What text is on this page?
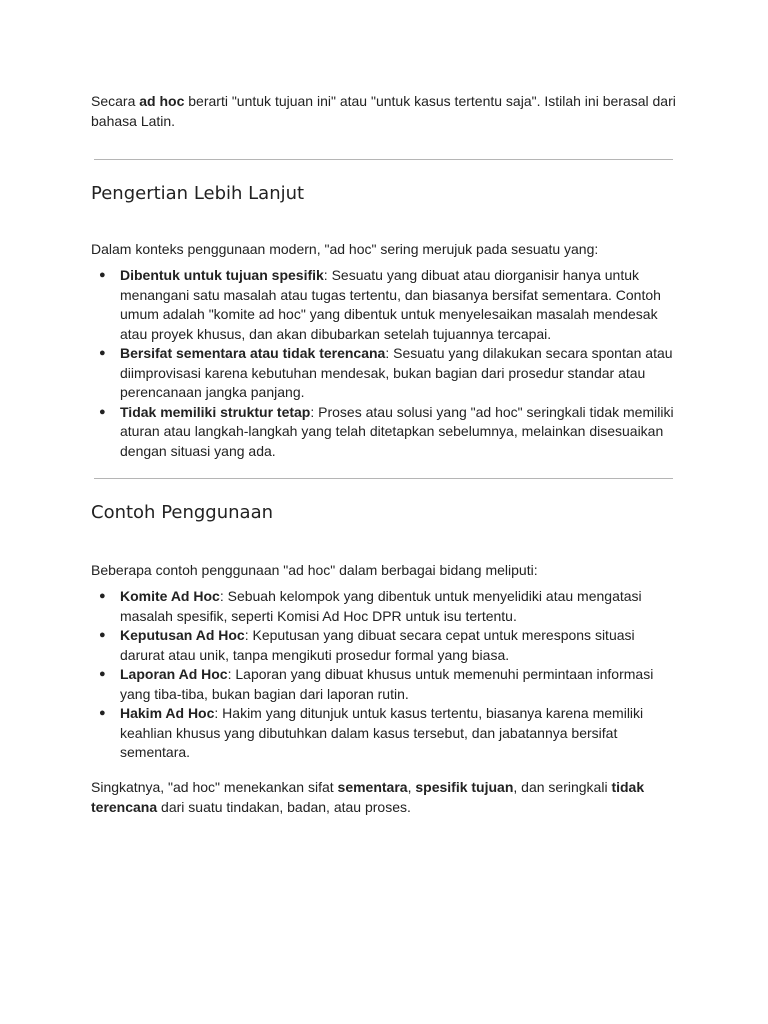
Secara ad hoc berarti "untuk tujuan ini" atau "untuk kasus tertentu saja". Istilah ini berasal dari bahasa Latin.

Pengertian Lebih Lanjut

Dalam konteks penggunaan modern, "ad hoc" sering merujuk pada sesuatu yang:

● Dibentuk untuk tujuan spesifik: Sesuatu yang dibuat atau diorganisir hanya untuk menangani satu masalah atau tugas tertentu, dan biasanya bersifat sementara. Contoh umum adalah "komite ad hoc" yang dibentuk untuk menyelesaikan masalah mendesak atau proyek khusus, dan akan dibubarkan setelah tujuannya tercapai.
● Bersifat sementara atau tidak terencana: Sesuatu yang dilakukan secara spontan atau diimprovisasi karena kebutuhan mendesak, bukan bagian dari prosedur standar atau perencanaan jangka panjang.
● Tidak memiliki struktur tetap: Proses atau solusi yang "ad hoc" seringkali tidak memiliki aturan atau langkah-langkah yang telah ditetapkan sebelumnya, melainkan disesuaikan dengan situasi yang ada.
Contoh Penggunaan

Beberapa contoh penggunaan "ad hoc" dalam berbagai bidang meliputi:

● Komite Ad Hoc: Sebuah kelompok yang dibentuk untuk menyelidiki atau mengatasi masalah spesifik, seperti Komisi Ad Hoc DPR untuk isu tertentu.
● Keputusan Ad Hoc: Keputusan yang dibuat secara cepat untuk merespons situasi darurat atau unik, tanpa mengikuti prosedur formal yang biasa.
● Laporan Ad Hoc: Laporan yang dibuat khusus untuk memenuhi permintaan informasi yang tiba-tiba, bukan bagian dari laporan rutin.
● Hakim Ad Hoc: Hakim yang ditunjuk untuk kasus tertentu, biasanya karena memiliki keahlian khusus yang dibutuhkan dalam kasus tersebut, dan jabatannya bersifat sementara.

Singkatnya, "ad hoc" menekankan sifat sementara, spesifik tujuan, dan seringkali tidak terencana dari suatu tindakan, badan, atau proses.
